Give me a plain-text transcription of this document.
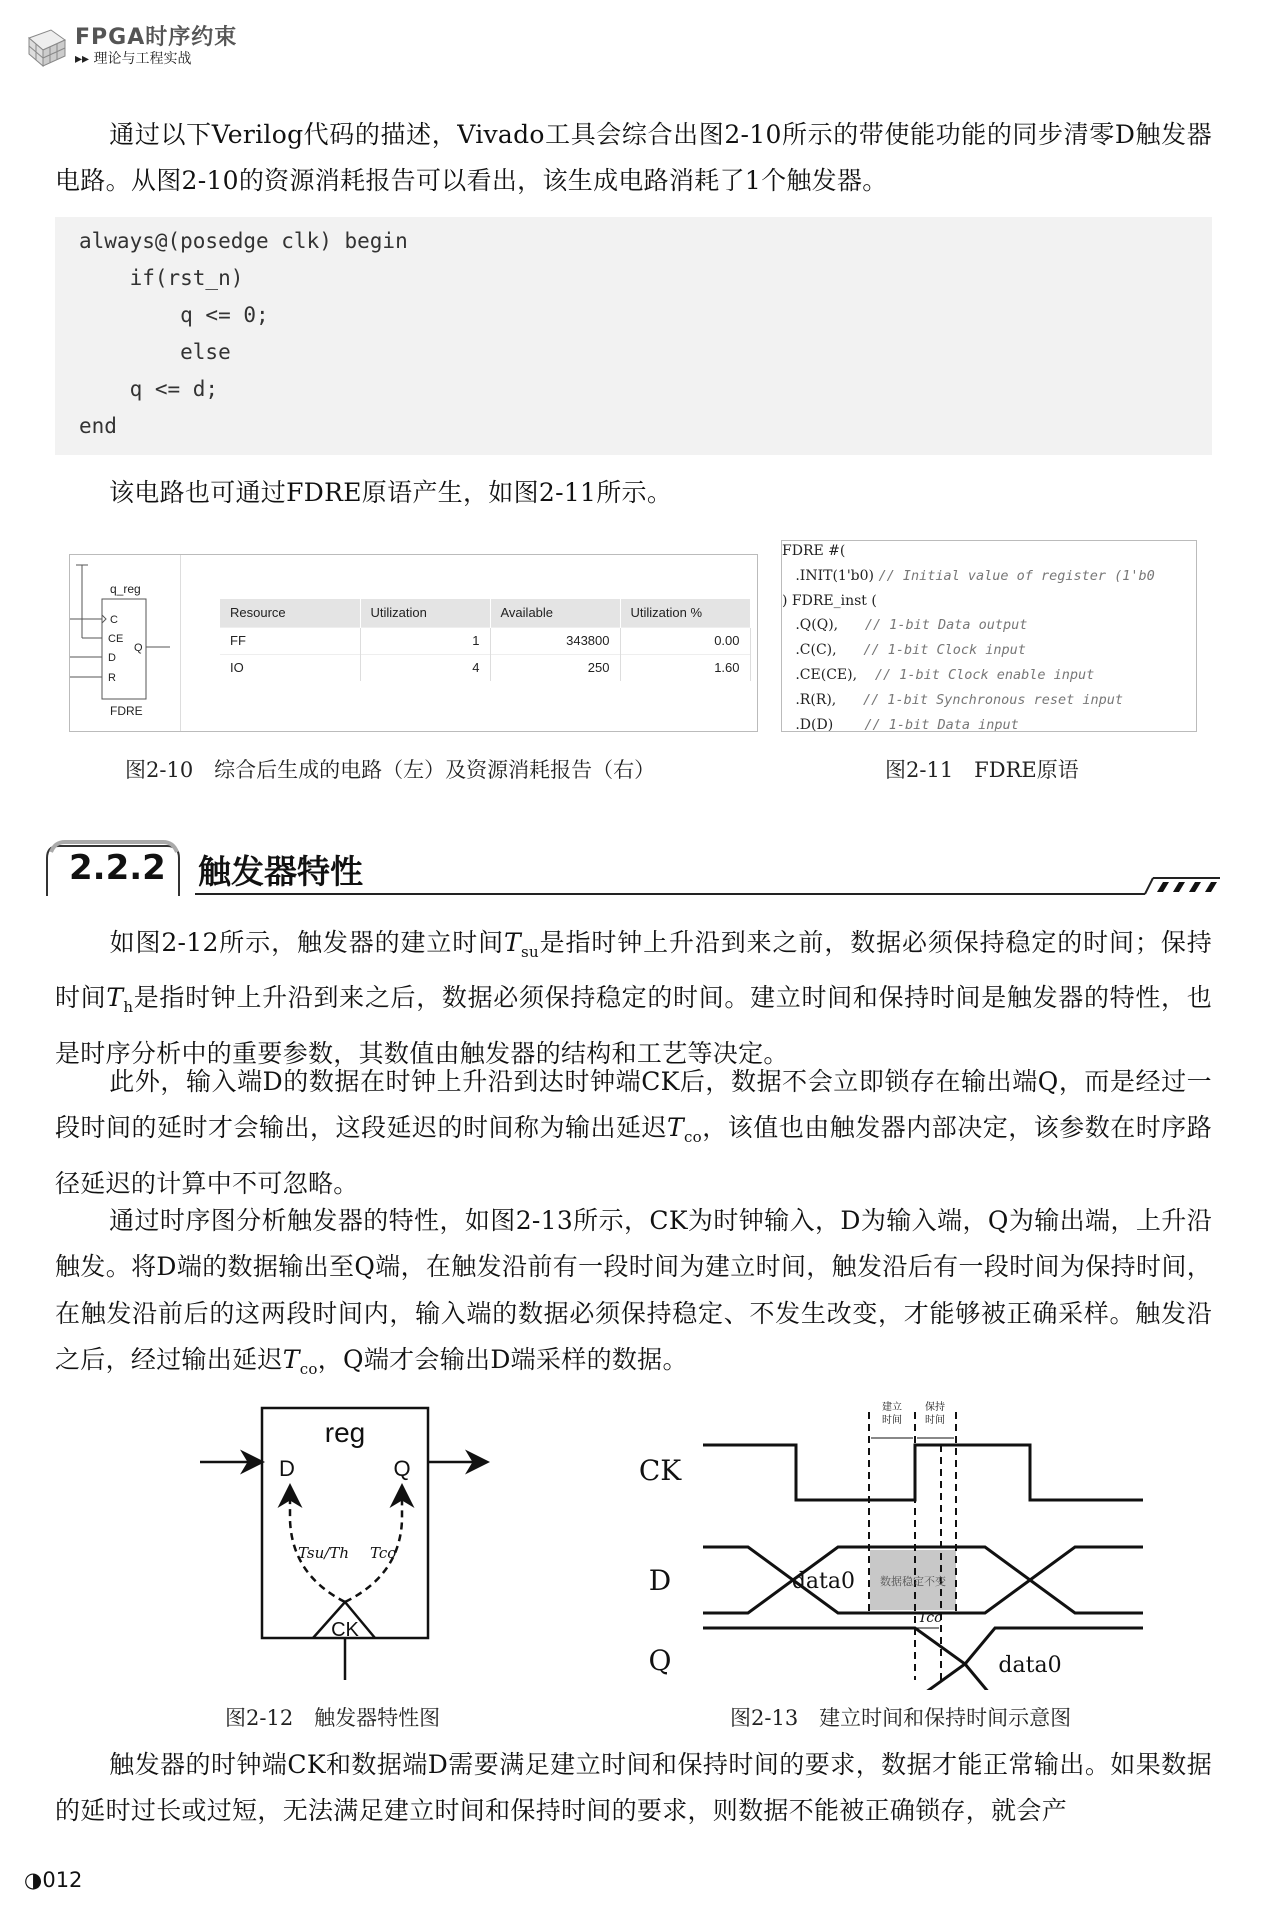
FPGA时序约束
▸▸ 理论与工程实战
通过以下Verilog代码的描述，Vivado工具会综合出图2-10所示的带使能功能的同步清零D触发器电路。从图2-10的资源消耗报告可以看出，该生成电路消耗了1个触发器。
always@(posedge clk) begin
if(rst_n)
q <= 0;
else
q <= d;
end
该电路也可通过FDRE原语产生，如图2-11所示。
q_reg
C
CE
D
R
Q
FDRE
Resource	Utilization	Available	Utilization %
FF	1	343800	0.00
IO	4	250	1.60
FDRE #(
.INIT(1'b0) // Initial value of register (1'b0
) FDRE_inst (
.Q(Q),      // 1-bit Data output
.C(C),      // 1-bit Clock input
.CE(CE),    // 1-bit Clock enable input
.R(R),      // 1-bit Synchronous reset input
.D(D)       // 1-bit Data input
图2-10　综合后生成的电路（左）及资源消耗报告（右）	图2-11　FDRE原语
2.2.2 触发器特性
如图2-12所示，触发器的建立时间$T_{su}$是指时钟上升沿到来之前，数据必须保持稳定的时间；保持时间$T_h$是指时钟上升沿到来之后，数据必须保持稳定的时间。建立时间和保持时间是触发器的特性，也是时序分析中的重要参数，其数值由触发器的结构和工艺等决定。
此外，输入端D的数据在时钟上升沿到达时钟端CK后，数据不会立即锁存在输出端Q，而是经过一段时间的延时才会输出，这段延迟的时间称为输出延迟$T_{co}$，该值也由触发器内部决定，该参数在时序路径延迟的计算中不可忽略。
通过时序图分析触发器的特性，如图2-13所示，CK为时钟输入，D为输入端，Q为输出端，上升沿触发。将D端的数据输出至Q端，在触发沿前有一段时间为建立时间，触发沿后有一段时间为保持时间，在触发沿前后的这两段时间内，输入端的数据必须保持稳定、不发生改变，才能够被正确采样。触发沿之后，经过输出延迟$T_{co}$，Q端才会输出D端采样的数据。
reg
D	Q
CK
Tsu/Th Tco
CK
D
Q
建立
时间
保持
时间
数据稳定不变
data0
data0
Tco
图2-12　触发器特性图	图2-13　建立时间和保持时间示意图
触发器的时钟端CK和数据端D需要满足建立时间和保持时间的要求，数据才能正常输出。如果数据的延时过长或过短，无法满足建立时间和保持时间的要求，则数据不能被正确锁存，就会产
◑012
